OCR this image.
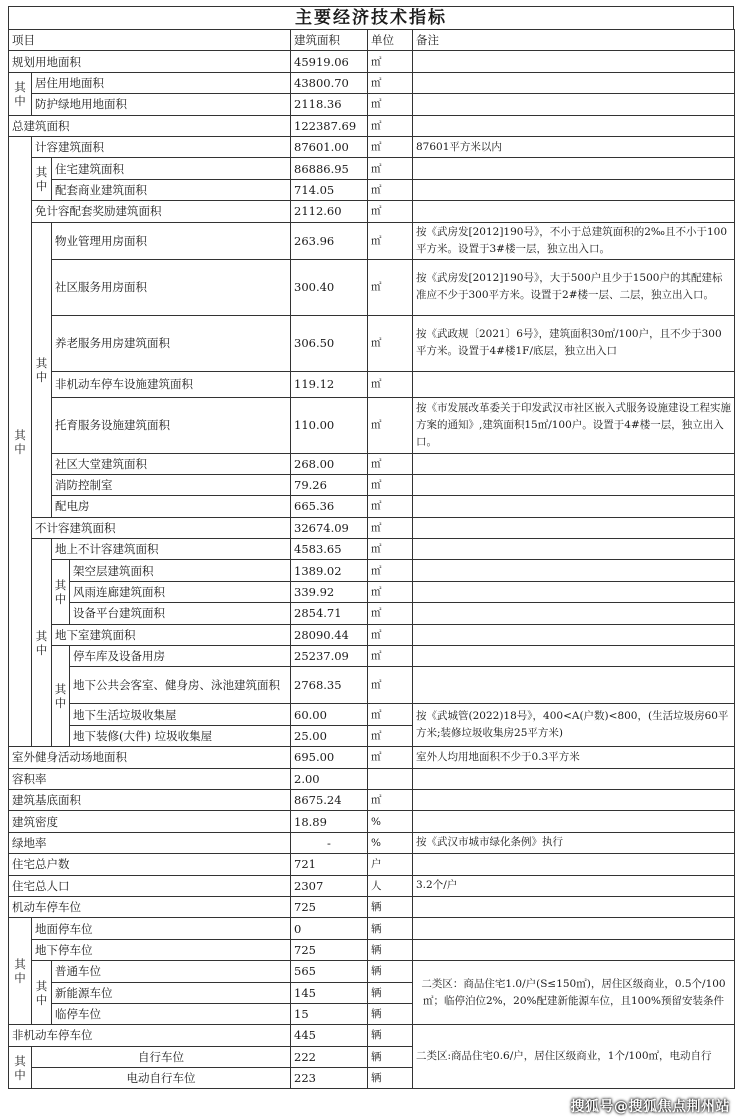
主要经济技术指标
项目				建筑面积	单位	备注
规划用地面积				45919.06	㎡	
其中	居住用地面积			43800.70	㎡	
	防护绿地用地面积			2118.36	㎡	
总建筑面积				122387.69	㎡	
其中	计容建筑面积			87601.00	㎡	87601平方米以内
	其中	住宅建筑面积		86886.95	㎡	
		配套商业建筑面积		714.05	㎡	
	免计容配套奖励建筑面积			2112.60	㎡	
	其中	物业管理用房面积		263.96	㎡	按《武房发[2012]190号》，不小于总建筑面积的2‰且不小于100平方米。设置于3#楼一层，独立出入口。
		社区服务用房面积		300.40	㎡	按《武房发[2012]190号》，大于500户且少于1500户的其配建标准应不少于300平方米。设置于2#楼一层、二层，独立出入口。
		养老服务用房建筑面积		306.50	㎡	按《武政规〔2021〕6号》，建筑面积30㎡/100户，且不少于300平方米。设置于4#楼1F/底层，独立出入口
		非机动车停车设施建筑面积		119.12	㎡	
		托育服务设施建筑面积		110.00	㎡	按《市发展改革委关于印发武汉市社区嵌入式服务设施建设工程实施方案的通知》,建筑面积15㎡/100户。设置于4#楼一层，独立出入口。
		社区大堂建筑面积		268.00	㎡	
		消防控制室		79.26	㎡	
		配电房		665.36	㎡	
	不计容建筑面积			32674.09	㎡	
	其中	地上不计容建筑面积		4583.65	㎡	
		其中	架空层建筑面积	1389.02	㎡	
			风雨连廊建筑面积	339.92	㎡	
			设备平台建筑面积	2854.71	㎡	
		地下室建筑面积		28090.44	㎡	
		其中	停车库及设备用房	25237.09	㎡	
			地下公共会客室、健身房、泳池建筑面积	2768.35	㎡	
			地下生活垃圾收集屋	60.00	㎡	按《武城管(2022)18号》，400<A(户数)<800，(生活垃圾房60平方米;装修垃圾收集房25平方米)
			地下装修(大件) 垃圾收集屋	25.00	㎡	
室外健身活动场地面积				695.00	㎡	室外人均用地面积不少于0.3平方米
容积率				2.00		
建筑基底面积				8675.24	㎡	
建筑密度				18.89	%	
绿地率				-	%	按《武汉市城市绿化条例》执行
住宅总户数				721	户	
住宅总人口				2307	人	3.2个/户
机动车停车位				725	辆	
其中	地面停车位			0	辆	
	地下停车位			725	辆	
	其中	普通车位		565	辆	二类区：商品住宅1.0/户(S≤150㎡)，居住区级商业，0.5个/100㎡；临停泊位2%，20%配建新能源车位，且100%预留安装条件
		新能源车位		145	辆	
		临停车位		15	辆	
非机动车停车位				445	辆	二类区:商品住宅0.6/户，居住区级商业，1个/100㎡，电动自行
其中	自行车位			222	辆	
	电动自行车位			223	辆	
搜狐号@搜狐焦点荆州站
